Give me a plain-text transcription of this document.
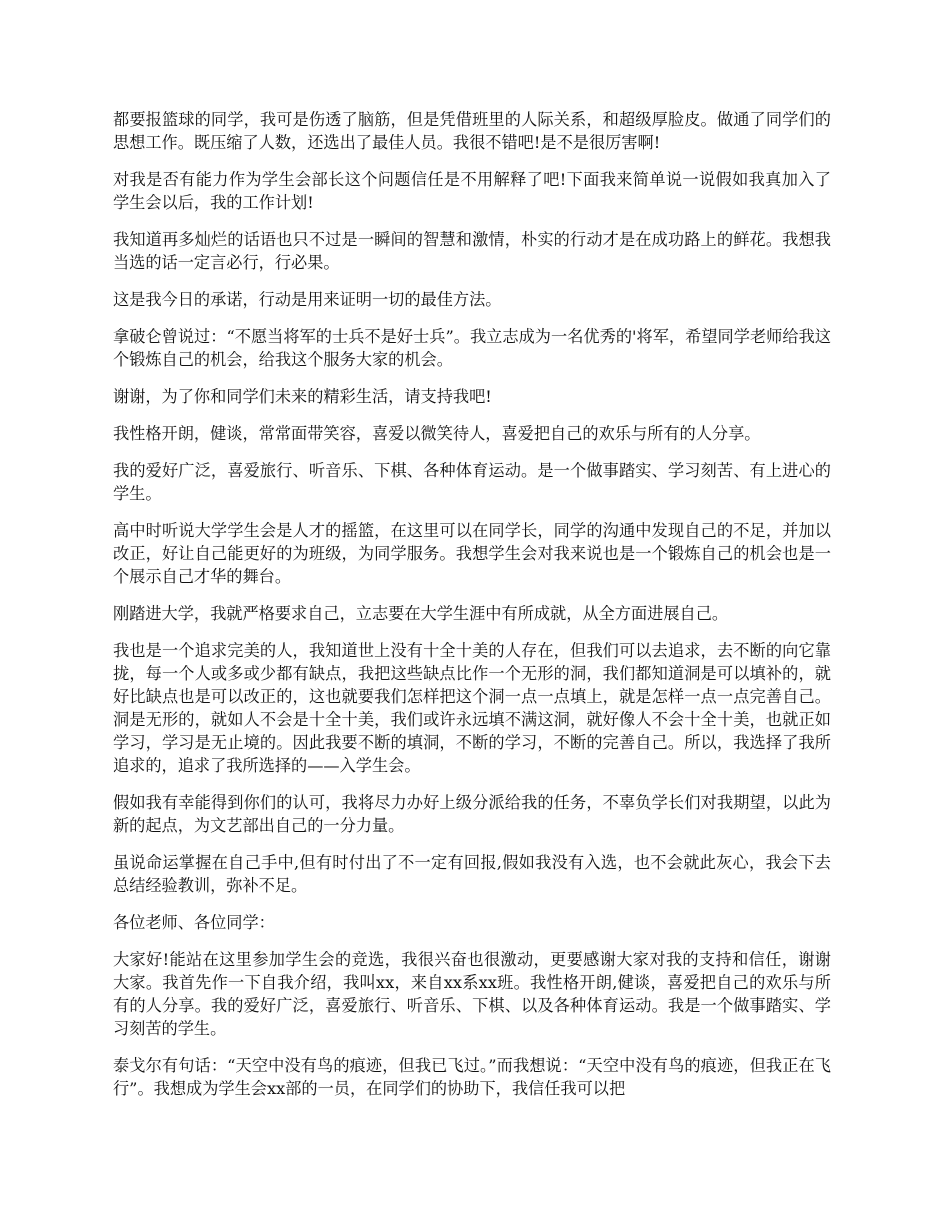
都要报篮球的同学，我可是伤透了脑筋，但是凭借班里的人际关系，和超级厚脸皮。做通了同学们的思想工作。既压缩了人数，还选出了最佳人员。我很不错吧!是不是很厉害啊!

对我是否有能力作为学生会部长这个问题信任是不用解释了吧!下面我来简单说一说假如我真加入了学生会以后，我的工作计划!

我知道再多灿烂的话语也只不过是一瞬间的智慧和激情，朴实的行动才是在成功路上的鲜花。我想我当选的话一定言必行，行必果。

这是我今日的承诺，行动是用来证明一切的最佳方法。

拿破仑曾说过：“不愿当将军的士兵不是好士兵”。我立志成为一名优秀的'将军，希望同学老师给我这个锻炼自己的机会，给我这个服务大家的机会。

谢谢，为了你和同学们未来的精彩生活，请支持我吧!

我性格开朗，健谈，常常面带笑容，喜爱以微笑待人，喜爱把自己的欢乐与所有的人分享。

我的爱好广泛，喜爱旅行、听音乐、下棋、各种体育运动。是一个做事踏实、学习刻苦、有上进心的学生。

高中时听说大学学生会是人才的摇篮，在这里可以在同学长，同学的沟通中发现自己的不足，并加以改正，好让自己能更好的为班级，为同学服务。我想学生会对我来说也是一个锻炼自己的机会也是一个展示自己才华的舞台。

刚踏进大学，我就严格要求自己，立志要在大学生涯中有所成就，从全方面进展自己。

我也是一个追求完美的人，我知道世上没有十全十美的人存在，但我们可以去追求，去不断的向它靠拢，每一个人或多或少都有缺点，我把这些缺点比作一个无形的洞，我们都知道洞是可以填补的，就好比缺点也是可以改正的，这也就要我们怎样把这个洞一点一点填上，就是怎样一点一点完善自己。洞是无形的，就如人不会是十全十美，我们或许永远填不满这洞，就好像人不会十全十美，也就正如学习，学习是无止境的。因此我要不断的填洞，不断的学习，不断的完善自己。所以，我选择了我所追求的，追求了我所选择的——入学生会。

假如我有幸能得到你们的认可，我将尽力办好上级分派给我的任务，不辜负学长们对我期望，以此为新的起点，为文艺部出自己的一分力量。

虽说命运掌握在自己手中,但有时付出了不一定有回报,假如我没有入选，也不会就此灰心，我会下去总结经验教训，弥补不足。

各位老师、各位同学：

大家好!能站在这里参加学生会的竞选，我很兴奋也很激动，更要感谢大家对我的支持和信任，谢谢大家。我首先作一下自我介绍，我叫xx，来自xx系xx班。我性格开朗,健谈，喜爱把自己的欢乐与所有的人分享。我的爱好广泛，喜爱旅行、听音乐、下棋、以及各种体育运动。我是一个做事踏实、学习刻苦的学生。

泰戈尔有句话：“天空中没有鸟的痕迹，但我已飞过。”而我想说：“天空中没有鸟的痕迹，但我正在飞行”。我想成为学生会xx部的一员，在同学们的协助下，我信任我可以把
